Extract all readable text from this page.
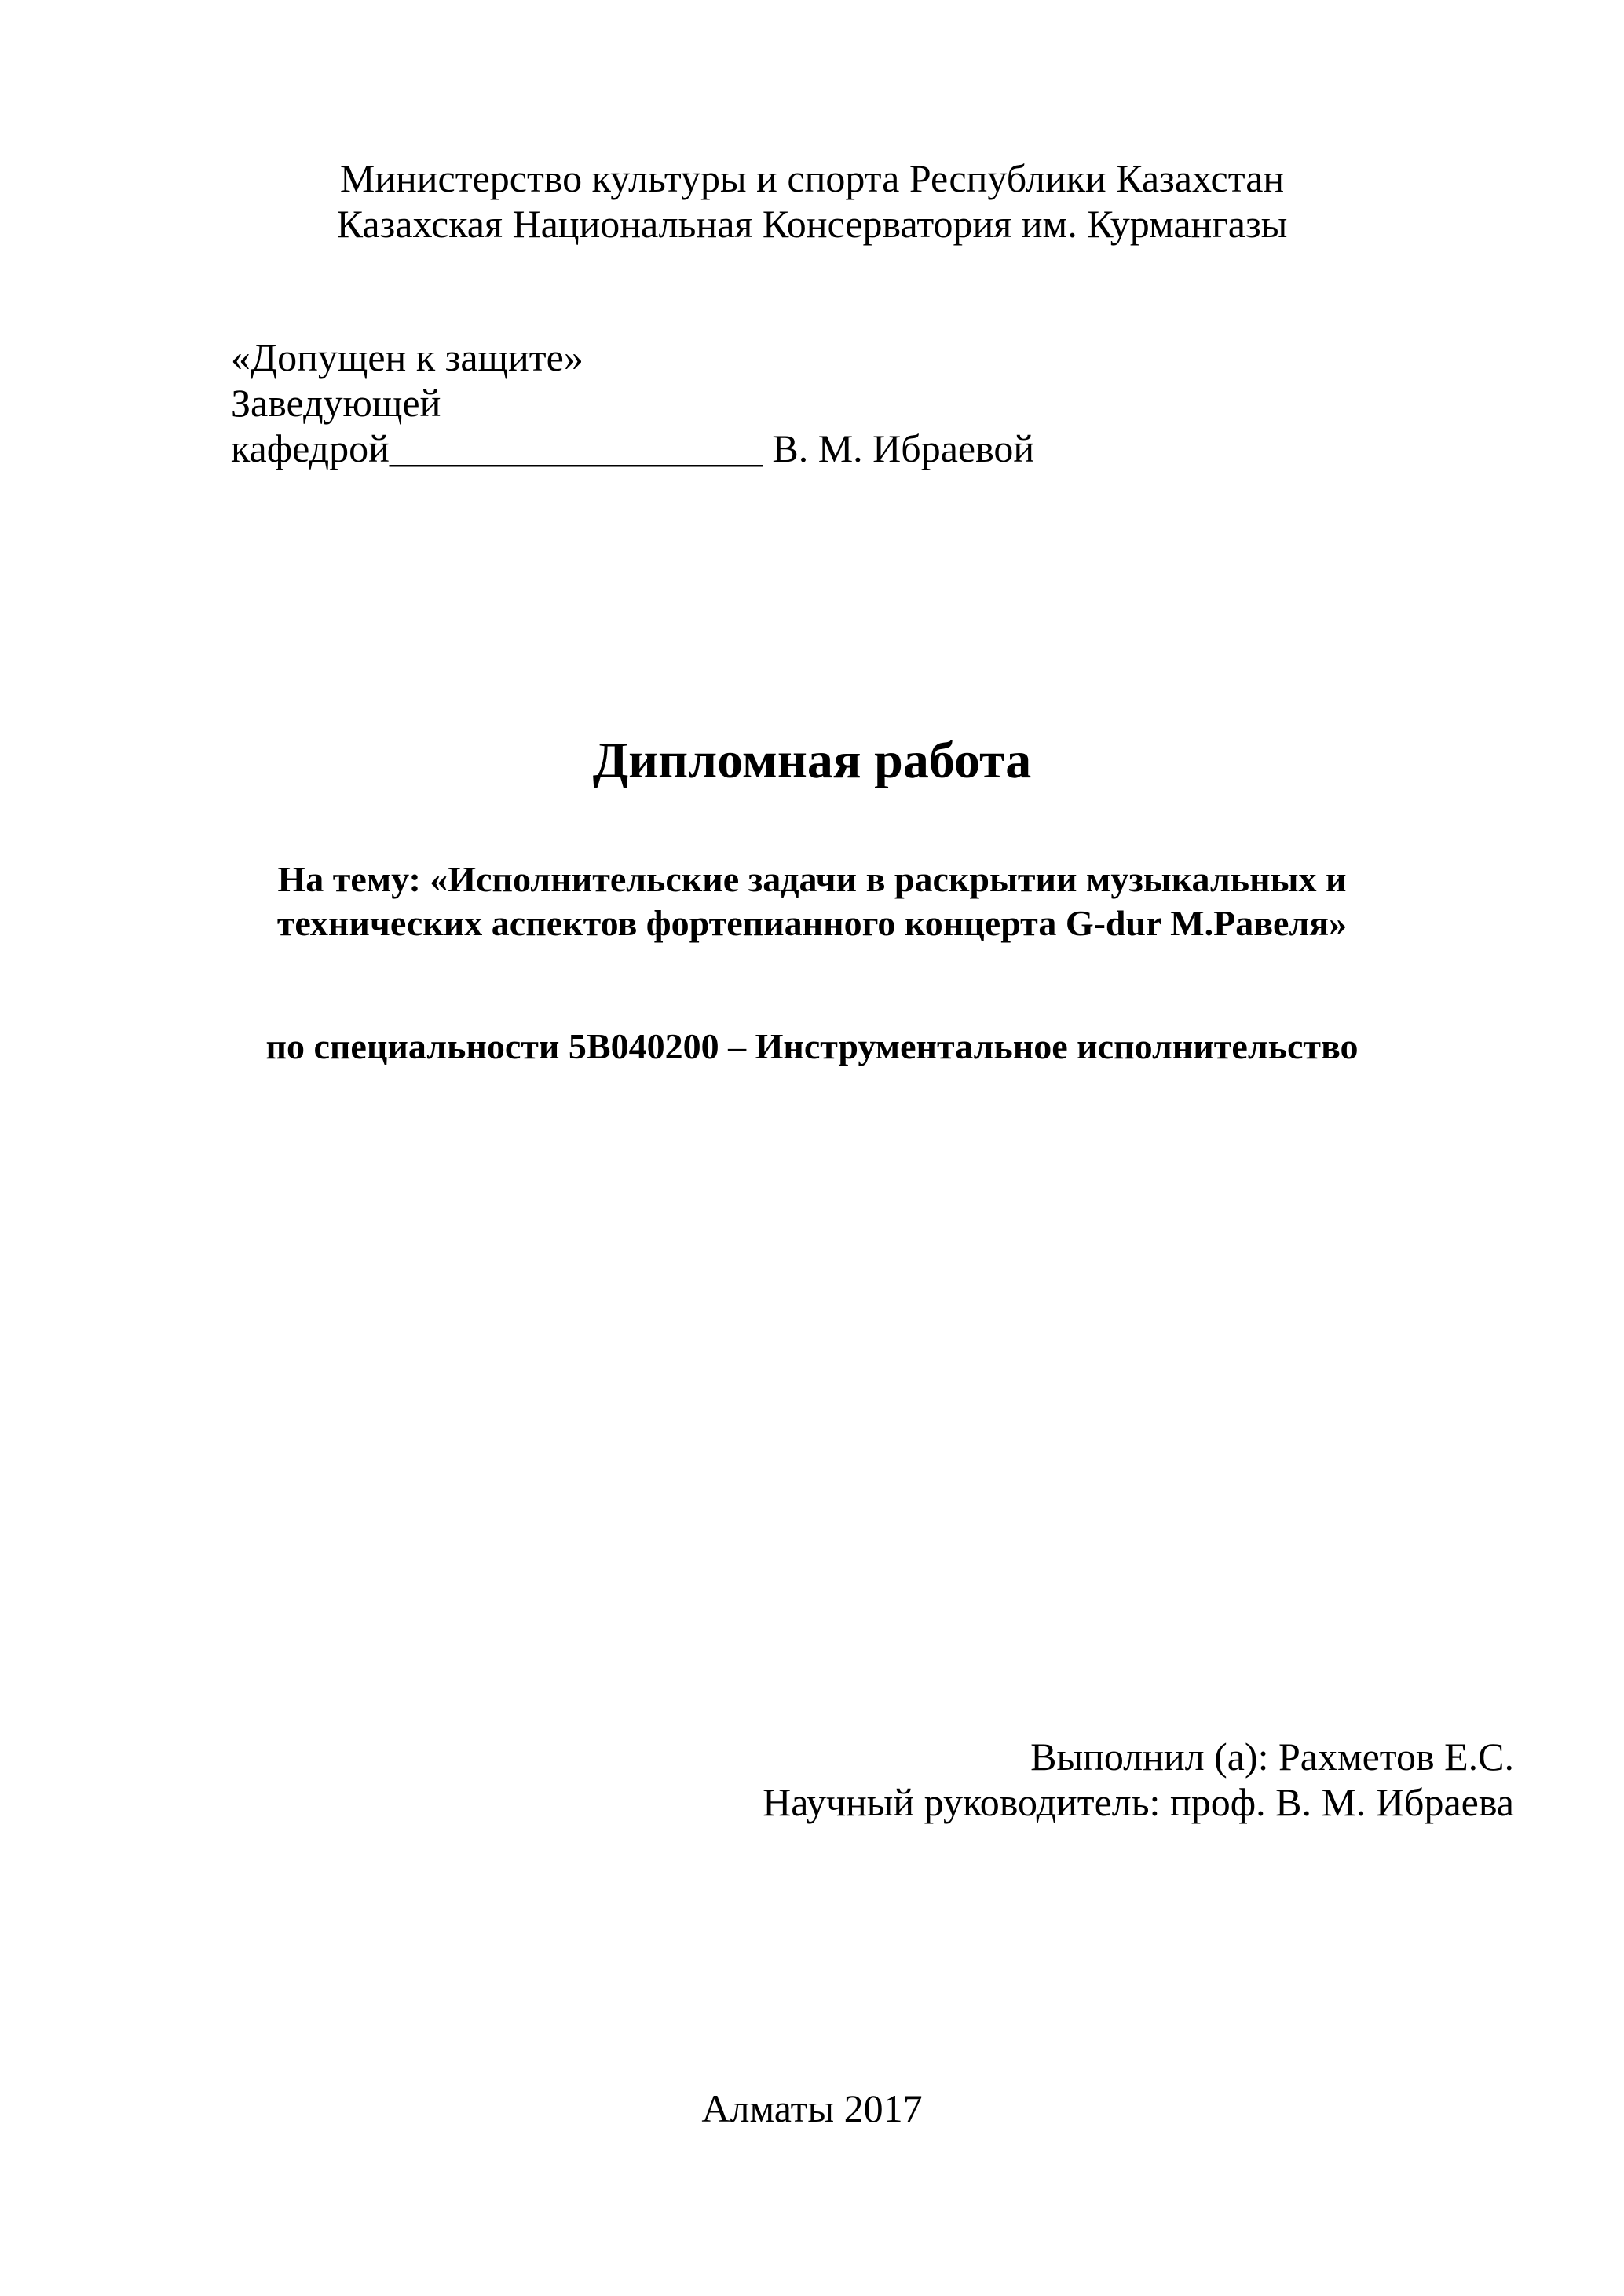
Министерство культуры и спорта Республики Казахстан
Казахская Национальная Консерватория им. Курмангазы
«Допущен к защите»
Заведующей
кафедрой___________________ В. М. Ибраевой
Дипломная работа
На тему: «Исполнительские задачи в раскрытии музыкальных и
технических аспектов фортепианного концерта G-dur М.Равеля»
по специальности 5B040200 – Инструментальное исполнительство
Выполнил (а): Рахметов Е.С.
Научный руководитель: проф. В. М. Ибраева
Алматы 2017
